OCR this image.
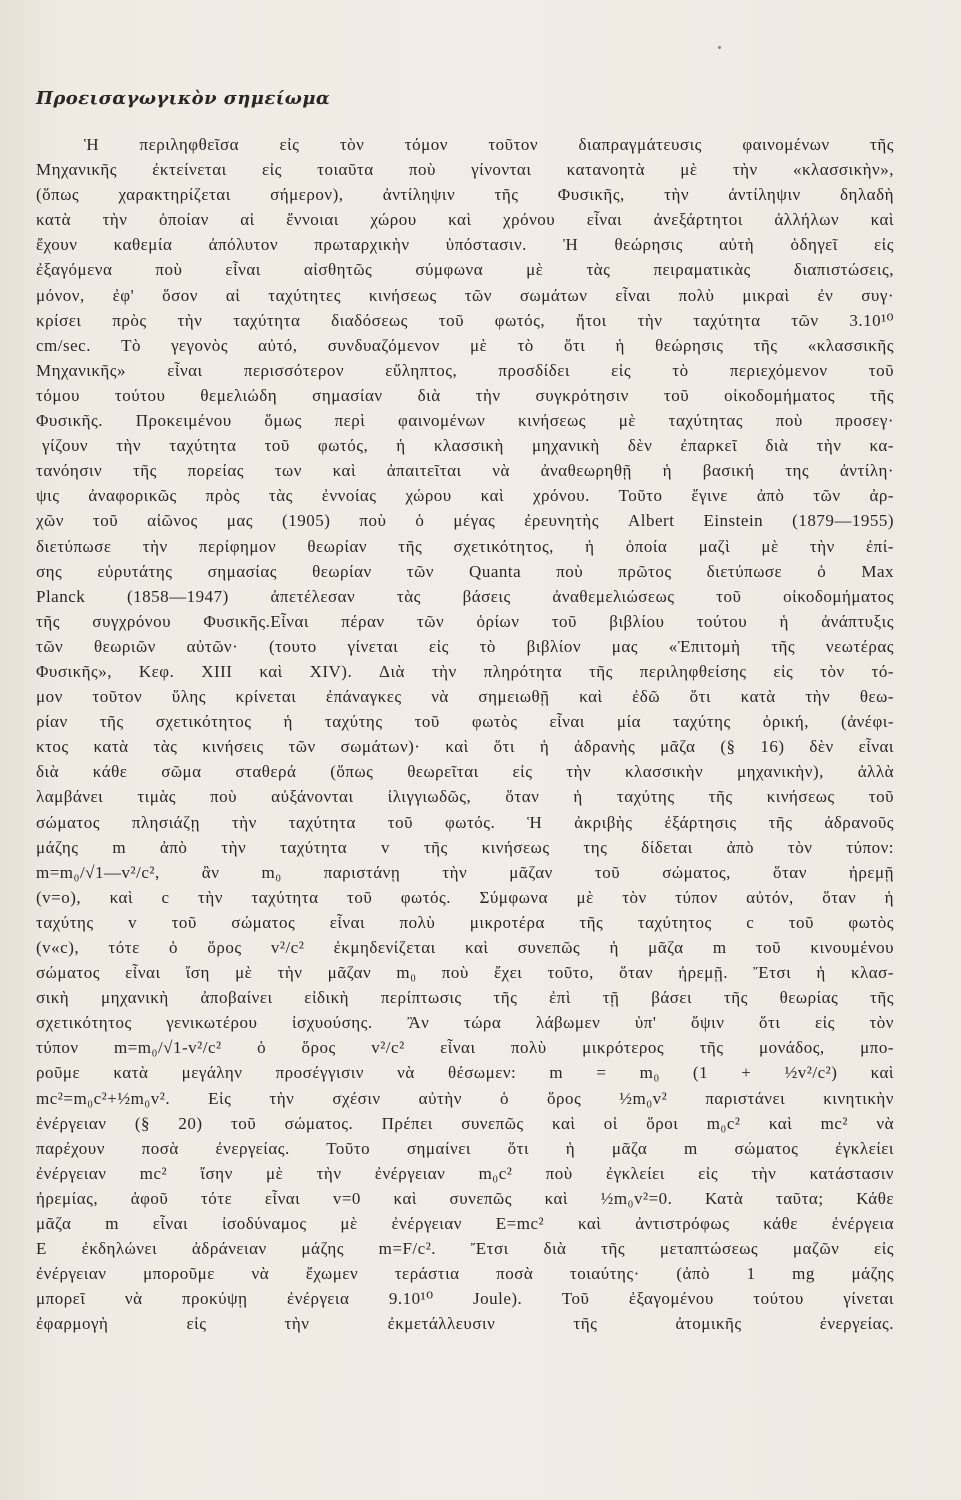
Προεισαγωγικὸν σημείωμα
Ἡ περιληφθεῖσα εἰς τὸν τόμον τοῦτον διαπραγμάτευσις φαινομένων τῆς
Μηχανικῆς ἐκτείνεται εἰς τοιαῦτα ποὺ γίνονται κατανοητὰ μὲ τὴν «κλασσικὴν»,
(ὅπως χαρακτηρίζεται σήμερον), ἀντίληψιν τῆς Φυσικῆς, τὴν ἀντίληψιν δηλαδὴ
κατὰ τὴν ὁποίαν αἱ ἔννοιαι χώρου καὶ χρόνου εἶναι ἀνεξάρτητοι ἀλλήλων καὶ
ἔχουν καθεμία ἀπόλυτον πρωταρχικὴν ὑπόστασιν. Ἡ θεώρησις αὐτὴ ὁδηγεῖ εἰς
ἐξαγόμενα ποὺ εἶναι αἰσθητῶς σύμφωνα μὲ τὰς πειραματικὰς διαπιστώσεις,
μόνον, ἐφ' ὅσον αἱ ταχύτητες κινήσεως τῶν σωμάτων εἶναι πολὺ μικραὶ ἐν συγ·
κρίσει πρὸς τὴν ταχύτητα διαδόσεως τοῦ φωτός, ἤτοι τὴν ταχύτητα τῶν 3.10¹⁰
cm/sec. Τὸ γεγονὸς αὐτό, συνδυαζόμενον μὲ τὸ ὅτι ἡ θεώρησις τῆς «κλασσικῆς
Μηχανικῆς» εἶναι περισσότερον εὔληπτος, προσδίδει εἰς τὸ περιεχόμενον τοῦ
τόμου τούτου θεμελιώδη σημασίαν διὰ τὴν συγκρότησιν τοῦ οἰκοδομήματος τῆς
Φυσικῆς. Προκειμένου ὅμως περὶ φαινομένων κινήσεως μὲ ταχύτητας ποὺ προσεγ·
γίζουν τὴν ταχύτητα τοῦ φωτός, ἡ κλασσικὴ μηχανικὴ δὲν ἐπαρκεῖ διὰ τὴν κα-
τανόησιν τῆς πορείας των καὶ ἀπαιτεῖται νὰ ἀναθεωρηθῇ ἡ βασική της ἀντίλη·
ψις ἀναφορικῶς πρὸς τὰς ἐννοίας χώρου καὶ χρόνου. Τοῦτο ἔγινε ἀπὸ τῶν ἀρ-
χῶν τοῦ αἰῶνος μας (1905) ποὺ ὁ μέγας ἐρευνητὴς Albert Einstein (1879—1955)
διετύπωσε τὴν περίφημον θεωρίαν τῆς σχετικότητος, ἡ ὁποία μαζὶ μὲ τὴν ἐπί-
σης εὐρυτάτης σημασίας θεωρίαν τῶν Quanta ποὺ πρῶτος διετύπωσε ὁ Max
Planck (1858—1947) ἀπετέλεσαν τὰς βάσεις ἀναθεμελιώσεως τοῦ οἰκοδομήματος
τῆς συγχρόνου Φυσικῆς.Εἶναι πέραν τῶν ὁρίων τοῦ βιβλίου τούτου ἡ ἀνάπτυξις
τῶν θεωριῶν αὐτῶν· (τουτο γίνεται εἰς τὸ βιβλίον μας «Ἐπιτομὴ τῆς νεωτέρας
Φυσικῆς», Κεφ. XIII καὶ XIV). Διὰ τὴν πληρότητα τῆς περιληφθείσης εἰς τὸν τό-
μον τοῦτον ὕλης κρίνεται ἐπάναγκες νὰ σημειωθῇ καὶ ἐδῶ ὅτι κατὰ τὴν θεω-
ρίαν τῆς σχετικότητος ἡ ταχύτης τοῦ φωτὸς εἶναι μία ταχύτης ὁρική, (ἀνέφι-
κτος κατὰ τὰς κινήσεις τῶν σωμάτων)· καὶ ὅτι ἡ ἀδρανὴς μᾶζα (§ 16) δὲν εἶναι
διὰ κάθε σῶμα σταθερά (ὅπως θεωρεῖται εἰς τὴν κλασσικὴν μηχανικὴν), ἀλλὰ
λαμβάνει τιμὰς ποὺ αὐξάνονται ἰλιγγιωδῶς, ὅταν ἡ ταχύτης τῆς κινήσεως τοῦ
σώματος πλησιάζῃ τὴν ταχύτητα τοῦ φωτός. Ἡ ἀκριβὴς ἐξάρτησις τῆς ἀδρανοῦς
μάζης m ἀπὸ τὴν ταχύτητα v τῆς κινήσεως της δίδεται ἀπὸ τὸν τύπον:
m=m₀/√1—v²/c², ἂν m₀ παριστάνῃ τὴν μᾶζαν τοῦ σώματος, ὅταν ἠρεμῇ
(v=o), καὶ c τὴν ταχύτητα τοῦ φωτός. Σύμφωνα μὲ τὸν τύπον αὐτόν, ὅταν ἡ
ταχύτης v τοῦ σώματος εἶναι πολὺ μικροτέρα τῆς ταχύτητος c τοῦ φωτὸς
(v«c), τότε ὁ ὅρος v²/c² ἐκμηδενίζεται καὶ συνεπῶς ἡ μᾶζα m τοῦ κινουμένου
σώματος εἶναι ἴση μὲ τὴν μᾶζαν m₀ ποὺ ἔχει τοῦτο, ὅταν ἠρεμῇ. Ἔτσι ἡ κλασ-
σικὴ μηχανικὴ ἀποβαίνει εἰδικὴ περίπτωσις τῆς ἐπὶ τῇ βάσει τῆς θεωρίας τῆς
σχετικότητος γενικωτέρου ἰσχυούσης. Ἂν τώρα λάβωμεν ὑπ' ὄψιν ὅτι εἰς τὸν
τύπον m=m₀/√1-v²/c² ὁ ὅρος v²/c² εἶναι πολὺ μικρότερος τῆς μονάδος, μπο-
ροῦμε κατὰ μεγάλην προσέγγισιν νὰ θέσωμεν: m = m₀ (1 + ½v²/c²) καὶ
mc²=m₀c²+½m₀v². Εἰς τὴν σχέσιν αὐτὴν ὁ ὅρος ½m₀v² παριστάνει κινητικὴν
ἐνέργειαν (§ 20) τοῦ σώματος. Πρέπει συνεπῶς καὶ οἱ ὅροι m₀c² καὶ mc² νὰ
παρέχουν ποσὰ ἐνεργείας. Τοῦτο σημαίνει ὅτι ἡ μᾶζα m σώματος ἐγκλείει
ἐνέργειαν mc² ἴσην μὲ τὴν ἐνέργειαν m₀c² ποὺ ἐγκλείει εἰς τὴν κατάστασιν
ἠρεμίας, ἀφοῦ τότε εἶναι v=0 καὶ συνεπῶς καὶ ½m₀v²=0. Κατὰ ταῦτα; Κάθε
μᾶζα m εἶναι ἰσοδύναμος μὲ ἐνέργειαν E=mc² καὶ ἀντιστρόφως κάθε ἐνέργεια
E ἐκδηλώνει ἀδράνειαν μάζης m=F/c². Ἔτσι διὰ τῆς μεταπτώσεως μαζῶν εἰς
ἐνέργειαν μποροῦμε νὰ ἔχωμεν τεράστια ποσὰ τοιαύτης· (ἀπὸ 1 mg μάζης
μπορεῖ νὰ προκύψῃ ἐνέργεια 9.10¹⁰ Joule). Τοῦ ἐξαγομένου τούτου γίνεται
ἐφαρμογὴ εἰς τὴν ἐκμετάλλευσιν τῆς ἀτομικῆς ἐνεργείας.
